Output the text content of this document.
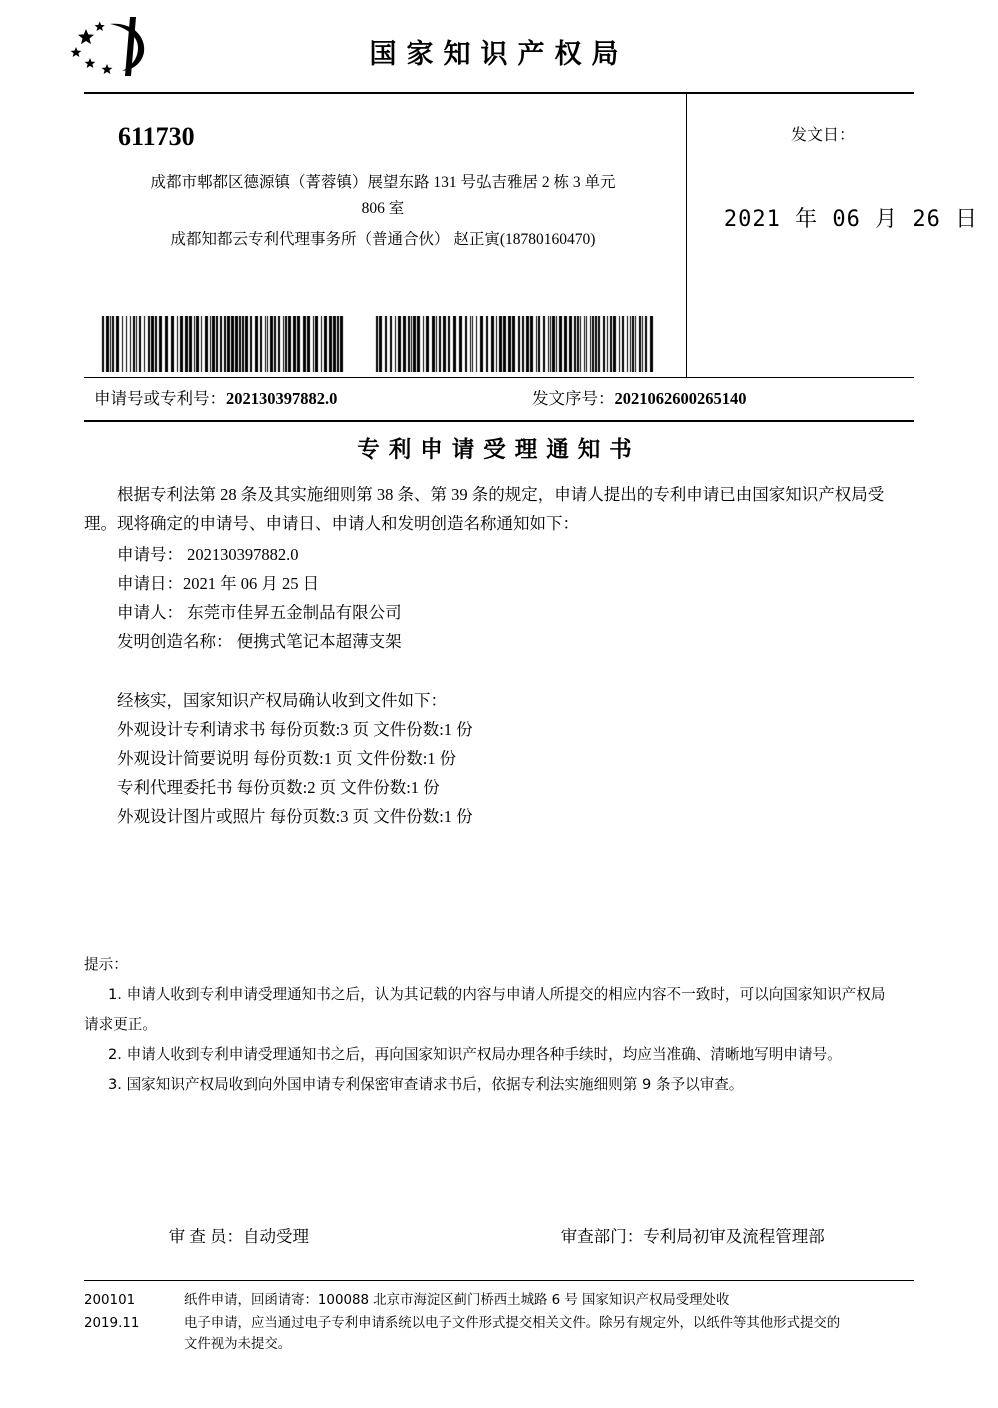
国家知识产权局
611730
成都市郫都区德源镇（菁蓉镇）展望东路 131 号弘吉雅居 2 栋 3 单元
806 室
成都知都云专利代理事务所（普通合伙） 赵正寅(18780160470)
发文日：
2021 年 06 月 26 日
申请号或专利号：202130397882.0	发文序号：2021062600265140
专利申请受理通知书

根据专利法第 28 条及其实施细则第 38 条、第 39 条的规定，申请人提出的专利申请已由国家知识产权局受理。现将确定的申请号、申请日、申请人和发明创造名称通知如下：

申请号： 202130397882.0

申请日：2021 年 06 月 25 日

申请人： 东莞市佳昇五金制品有限公司

发明创造名称： 便携式笔记本超薄支架

经核实，国家知识产权局确认收到文件如下：

外观设计专利请求书 每份页数:3 页 文件份数:1 份

外观设计简要说明 每份页数:1 页 文件份数:1 份

专利代理委托书 每份页数:2 页 文件份数:1 份

外观设计图片或照片 每份页数:3 页 文件份数:1 份

提示：

1. 申请人收到专利申请受理通知书之后，认为其记载的内容与申请人所提交的相应内容不一致时，可以向国家知识产权局

请求更正。

2. 申请人收到专利申请受理通知书之后，再向国家知识产权局办理各种手续时，均应当准确、清晰地写明申请号。

3. 国家知识产权局收到向外国申请专利保密审查请求书后，依据专利法实施细则第 9 条予以审查。

审 查 员：自动受理
	审查部门：专利局初审及流程管理部

200101
2019.11
纸件申请，回函请寄：100088 北京市海淀区蓟门桥西土城路 6 号 国家知识产权局受理处收
电子申请，应当通过电子专利申请系统以电子文件形式提交相关文件。除另有规定外，以纸件等其他形式提交的
文件视为未提交。
